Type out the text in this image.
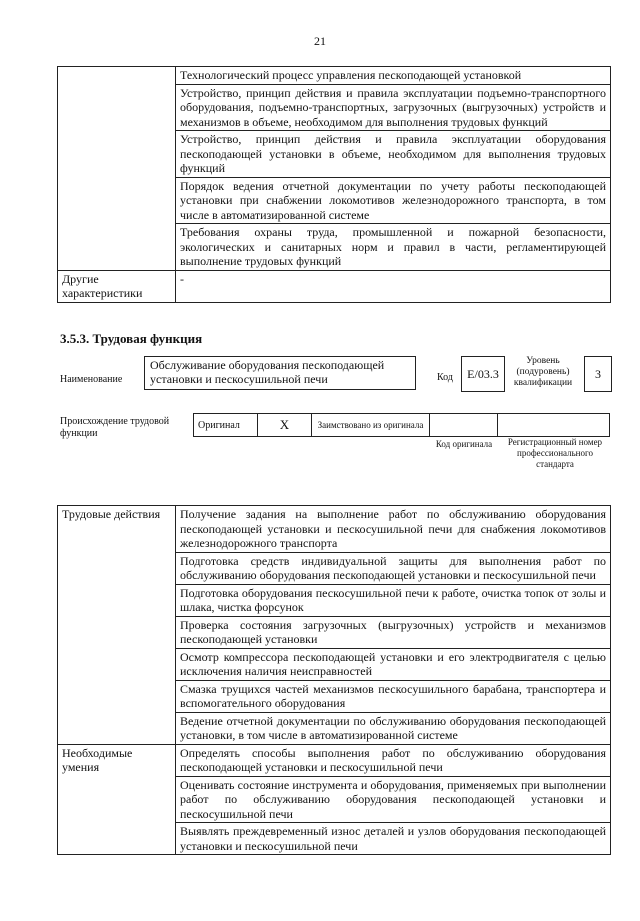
21
	Технологический процесс управления пескоподающей установкой
	Устройство, принцип действия и правила эксплуатации подъемно-транспортного оборудования, подъемно-транспортных, загрузочных (выгрузочных) устройств и механизмов в объеме, необходимом для выполнения трудовых функций
	Устройство, принцип действия и правила эксплуатации оборудования пескоподающей установки в объеме, необходимом для выполнения трудовых функций
	Порядок ведения отчетной документации по учету работы пескоподающей установки при снабжении локомотивов железнодорожного транспорта, в том числе в автоматизированной системе
	Требования охраны труда, промышленной и пожарной безопасности, экологических и санитарных норм и правил в части, регламентирующей выполнение трудовых функций
Другие характеристики	-
3.5.3. Трудовая функция
Наименование
Обслуживание оборудования пескоподающей установки и пескосушильной печи	Код	E/03.3
Уровень (подуровень) квалификации
3
Происхождение трудовой функции
Оригинал	X	Заимствовано из оригинала		
Код оригинала	Регистрационный номер профессионального стандарта
Трудовые действия	Получение задания на выполнение работ по обслуживанию оборудования пескоподающей установки и пескосушильной печи для снабжения локомотивов железнодорожного транспорта
	Подготовка средств индивидуальной защиты для выполнения работ по обслуживанию оборудования пескоподающей установки и пескосушильной печи
	Подготовка оборудования пескосушильной печи к работе, очистка топок от золы и шлака, чистка форсунок
	Проверка состояния загрузочных (выгрузочных) устройств и механизмов пескоподающей установки
	Осмотр компрессора пескоподающей установки и его электродвигателя с целью исключения наличия неисправностей
	Смазка трущихся частей механизмов пескосушильного барабана, транспортера и вспомогательного оборудования
	Ведение отчетной документации по обслуживанию оборудования пескоподающей установки, в том числе в автоматизированной системе
Необходимые умения	Определять способы выполнения работ по обслуживанию оборудования пескоподающей установки и пескосушильной печи
	Оценивать состояние инструмента и оборудования, применяемых при выполнении работ по обслуживанию оборудования пескоподающей установки и пескосушильной печи
	Выявлять преждевременный износ деталей и узлов оборудования пескоподающей установки и пескосушильной печи
